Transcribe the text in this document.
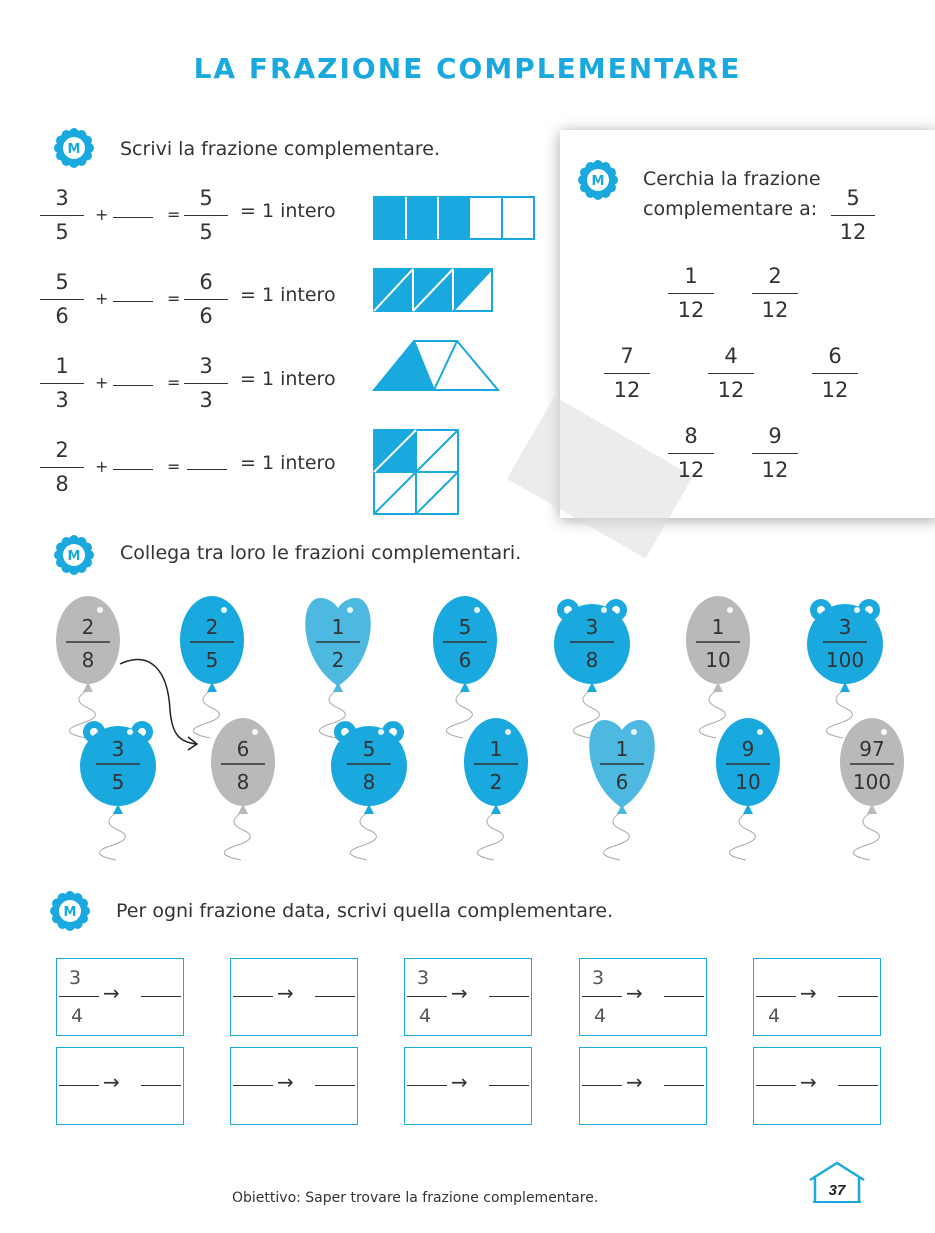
LA FRAZIONE COMPLEMENTARE
M
M
M
M
Scrivi la frazione complementare.
3
5
+	=
5
5
= 1 intero
5
6
+	=
6
6
= 1 intero
1
3
+	=
3
3
= 1 intero
2
8
+	=	= 1 intero
Cerchia la frazione
complementare a:	5
12
1
12
2
12
7
12
4
12
6
12
8
12
9
12
Collega tra loro le frazioni complementari.
2
8
2
5
1
2
5
6
3
8
1
10
3
100
3
5
6
8
5
8
1
2
1
6
9
10
97
100
Per ogni frazione data, scrivi quella complementare.
3
4
→	→
3
4
→
3
4
→
4
→
→	→	→	→	→
Obiettivo: Saper trovare la frazione complementare.	37
